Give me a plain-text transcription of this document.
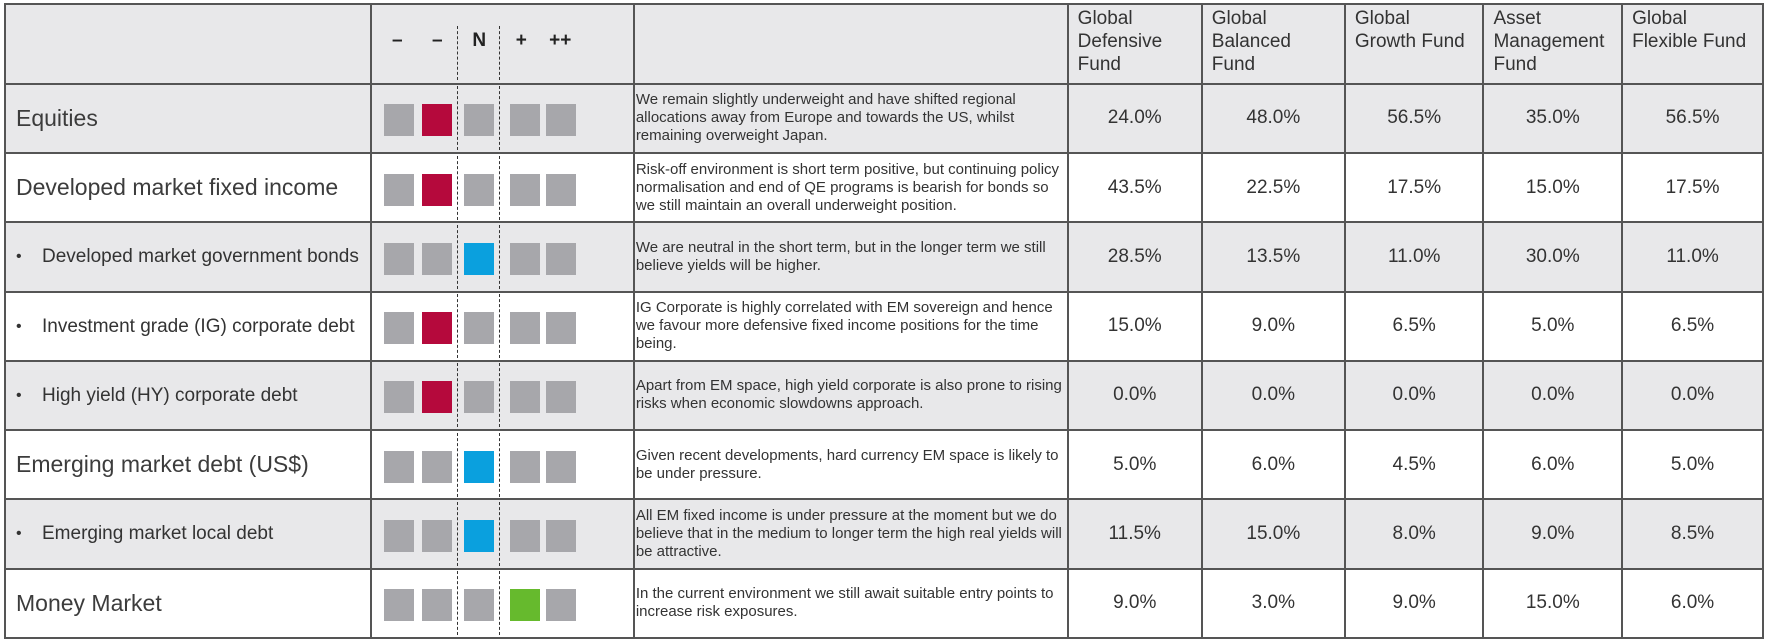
	– – N + ++		Global Defensive Fund	Global Balanced Fund	Global Growth Fund	Asset Management Fund	Global Flexible Fund
Equities		We remain slightly underweight and have shifted regional allocations away from Europe and towards the US, whilst remaining overweight Japan.	24.0%	48.0%	56.5%	35.0%	56.5%
Developed market fixed income		Risk-off environment is short term positive, but continuing policy normalisation and end of QE programs is bearish for bonds so we still maintain an overall underweight position.	43.5%	22.5%	17.5%	15.0%	17.5%

• Developed market government bonds		We are neutral in the short term, but in the longer term we still believe yields will be higher.	28.5%	13.5%	11.0%	30.0%	11.0%

• Investment grade (IG) corporate debt		IG Corporate is highly correlated with EM sovereign and hence we favour more defensive fixed income positions for the time being.	15.0%	9.0%	6.5%	5.0%	6.5%

• High yield (HY) corporate debt		Apart from EM space, high yield corporate is also prone to rising risks when economic slowdowns approach.	0.0%	0.0%	0.0%	0.0%	0.0%
Emerging market debt (US$)		Given recent developments, hard currency EM space is likely to be under pressure.	5.0%	6.0%	4.5%	6.0%	5.0%

• Emerging market local debt		All EM fixed income is under pressure at the moment but we do believe that in the medium to longer term the high real yields will be attractive.	11.5%	15.0%	8.0%	9.0%	8.5%
Money Market		In the current environment we still await suitable entry points to increase risk exposures.	9.0%	3.0%	9.0%	15.0%	6.0%
